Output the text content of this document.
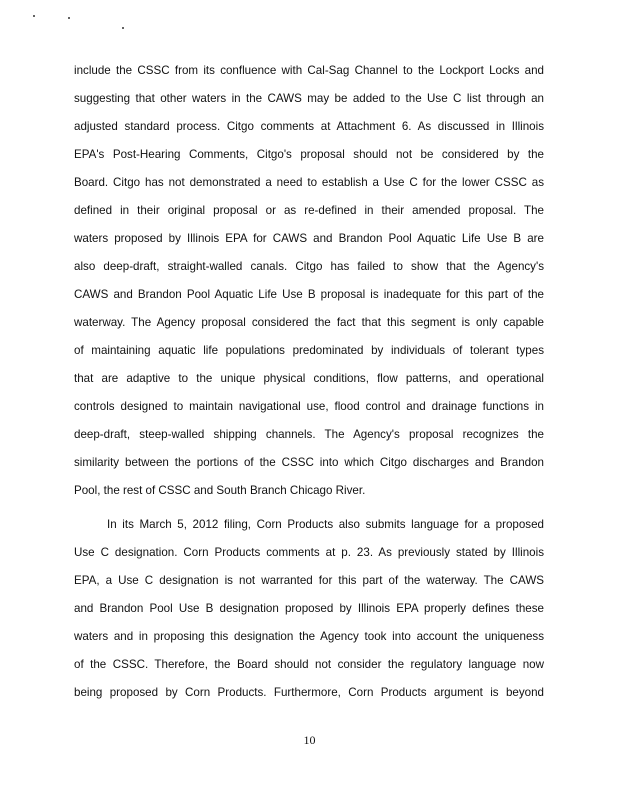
include the CSSC from its confluence with Cal-Sag Channel to the Lockport Locks and
suggesting that other waters in the CAWS may be added to the Use C list through an
adjusted standard process. Citgo comments at Attachment 6. As discussed in Illinois
EPA's Post-Hearing Comments, Citgo's proposal should not be considered by the
Board. Citgo has not demonstrated a need to establish a Use C for the lower CSSC as
defined in their original proposal or as re-defined in their amended proposal. The
waters proposed by Illinois EPA for CAWS and Brandon Pool Aquatic Life Use B are
also deep-draft, straight-walled canals. Citgo has failed to show that the Agency's
CAWS and Brandon Pool Aquatic Life Use B proposal is inadequate for this part of the
waterway. The Agency proposal considered the fact that this segment is only capable
of maintaining aquatic life populations predominated by individuals of tolerant types
that are adaptive to the unique physical conditions, flow patterns, and operational
controls designed to maintain navigational use, flood control and drainage functions in
deep-draft, steep-walled shipping channels. The Agency's proposal recognizes the
similarity between the portions of the CSSC into which Citgo discharges and Brandon
Pool, the rest of CSSC and South Branch Chicago River.
In its March 5, 2012 filing, Corn Products also submits language for a proposed
Use C designation. Corn Products comments at p. 23. As previously stated by Illinois
EPA, a Use C designation is not warranted for this part of the waterway. The CAWS
and Brandon Pool Use B designation proposed by Illinois EPA properly defines these
waters and in proposing this designation the Agency took into account the uniqueness
of the CSSC. Therefore, the Board should not consider the regulatory language now
being proposed by Corn Products. Furthermore, Corn Products argument is beyond
10
